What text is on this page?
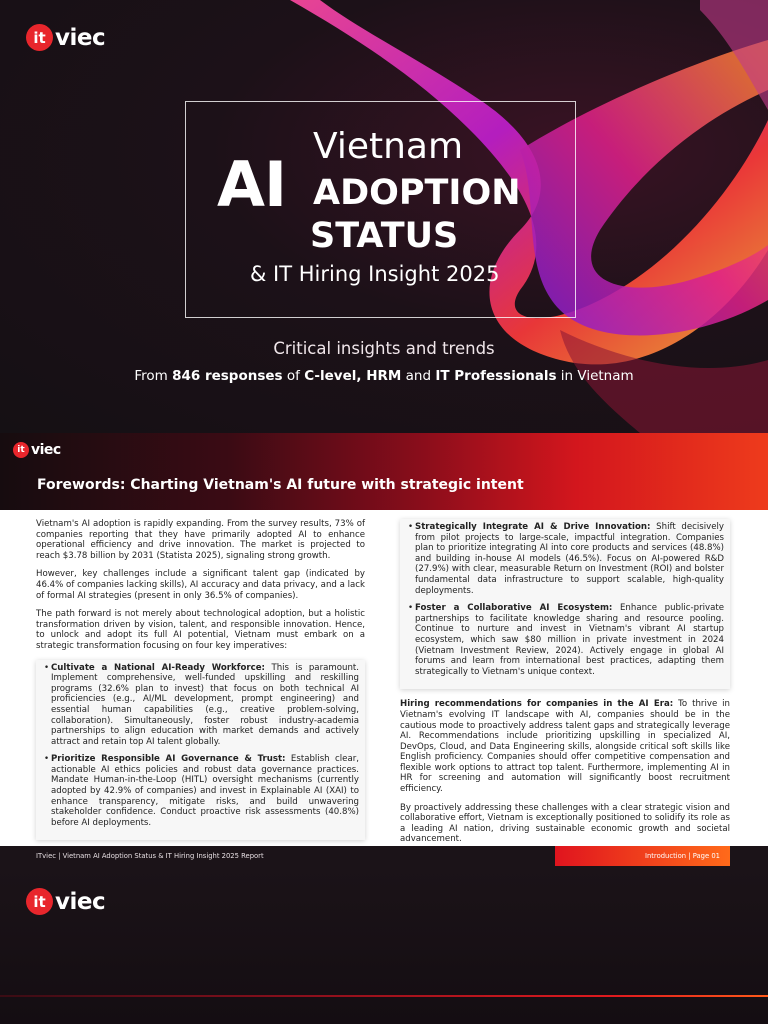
it viec
Vietnam
AI ADOPTION
STATUS
& IT Hiring Insight 2025
Critical insights and trends
From 846 responses of C-level, HRM and IT Professionals in Vietnam
it viec
Forewords: Charting Vietnam's AI future with strategic intent

Vietnam's AI adoption is rapidly expanding. From the survey results, 73% of companies reporting that they have primarily adopted AI to enhance operational efficiency and drive innovation. The market is projected to reach $3.78 billion by 2031 (Statista 2025), signaling strong growth.

However, key challenges include a significant talent gap (indicated by 46.4% of companies lacking skills), AI accuracy and data privacy, and a lack of formal AI strategies (present in only 36.5% of companies).

The path forward is not merely about technological adoption, but a holistic transformation driven by vision, talent, and responsible innovation. Hence, to unlock and adopt its full AI potential, Vietnam must embark on a strategic transformation focusing on four key imperatives:

• Cultivate a National AI-Ready Workforce: This is paramount. Implement comprehensive, well-funded upskilling and reskilling programs (32.6% plan to invest) that focus on both technical AI proficiencies (e.g., AI/ML development, prompt engineering) and essential human capabilities (e.g., creative problem-solving, collaboration). Simultaneously, foster robust industry-academia partnerships to align education with market demands and actively attract and retain top AI talent globally.
• Prioritize Responsible AI Governance & Trust: Establish clear, actionable AI ethics policies and robust data governance practices. Mandate Human-in-the-Loop (HITL) oversight mechanisms (currently adopted by 42.9% of companies) and invest in Explainable AI (XAI) to enhance transparency, mitigate risks, and build unwavering stakeholder confidence. Conduct proactive risk assessments (40.8%) before AI deployments.
• Strategically Integrate AI & Drive Innovation: Shift decisively from pilot projects to large-scale, impactful integration. Companies plan to prioritize integrating AI into core products and services (48.8%) and building in-house AI models (46.5%). Focus on AI-powered R&D (27.9%) with clear, measurable Return on Investment (ROI) and bolster fundamental data infrastructure to support scalable, high-quality deployments.
• Foster a Collaborative AI Ecosystem: Enhance public-private partnerships to facilitate knowledge sharing and resource pooling. Continue to nurture and invest in Vietnam's vibrant AI startup ecosystem, which saw $80 million in private investment in 2024 (Vietnam Investment Review, 2024). Actively engage in global AI forums and learn from international best practices, adapting them strategically to Vietnam's unique context.

Hiring recommendations for companies in the AI Era: To thrive in Vietnam's evolving IT landscape with AI, companies should be in the cautious mode to proactively address talent gaps and strategically leverage AI. Recommendations include prioritizing upskilling in specialized AI, DevOps, Cloud, and Data Engineering skills, alongside critical soft skills like English proficiency. Companies should offer competitive compensation and flexible work options to attract top talent. Furthermore, implementing AI in HR for screening and automation will significantly boost recruitment efficiency.

By proactively addressing these challenges with a clear strategic vision and collaborative effort, Vietnam is exceptionally positioned to solidify its role as a leading AI nation, driving sustainable economic growth and societal advancement.

ITviec | Vietnam AI Adoption Status & IT Hiring Insight 2025 Report	Introduction | Page 01
it viec
